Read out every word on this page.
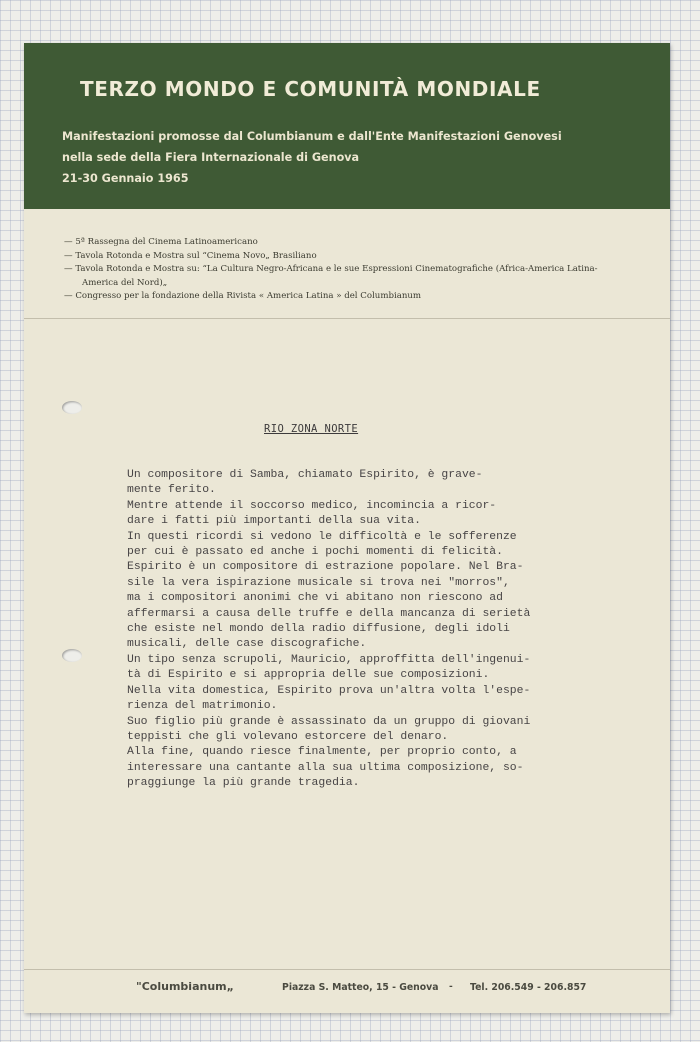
TERZO MONDO E COMUNITÀ MONDIALE
Manifestazioni promosse dal Columbianum e dall'Ente Manifestazioni Genovesi
nella sede della Fiera Internazionale di Genova
21-30 Gennaio 1965

— 5ª Rassegna del Cinema Latinoamericano

— Tavola Rotonda e Mostra sul “Cinema Novo„ Brasiliano

— Tavola Rotonda e Mostra su: “La Cultura Negro-Africana e le sue Espressioni Cinematografiche (Africa-America Latina-
America del Nord)„

— Congresso per la fondazione della Rivista « America Latina » del Columbianum

RIO ZONA NORTE
Un compositore di Samba, chiamato Espirito, è grave-
mente ferito.
Mentre attende il soccorso medico, incomincia a ricor-
dare i fatti più importanti della sua vita.
In questi ricordi si vedono le difficoltà e le sofferenze
per cui è passato ed anche i pochi momenti di felicità.
Espirito è un compositore di estrazione popolare. Nel Bra-
sile la vera ispirazione musicale si trova nei "morros",
ma i compositori anonimi che vi abitano non riescono ad
affermarsi a causa delle truffe e della mancanza di serietà
che esiste nel mondo della radio diffusione, degli idoli
musicali, delle case discografiche.
Un tipo senza scrupoli, Mauricio, approffitta dell'ingenui-
tà di Espirito e si appropria delle sue composizioni.
Nella vita domestica, Espirito prova un'altra volta l'espe-
rienza del matrimonio.
Suo figlio più grande è assassinato da un gruppo di giovani
teppisti che gli volevano estorcere del denaro.
Alla fine, quando riesce finalmente, per proprio conto, a
interessare una cantante alla sua ultima composizione, so-
praggiunge la più grande tragedia.
"Columbianum„	Piazza S. Matteo, 15 - Genova - Tel. 206.549 - 206.857
